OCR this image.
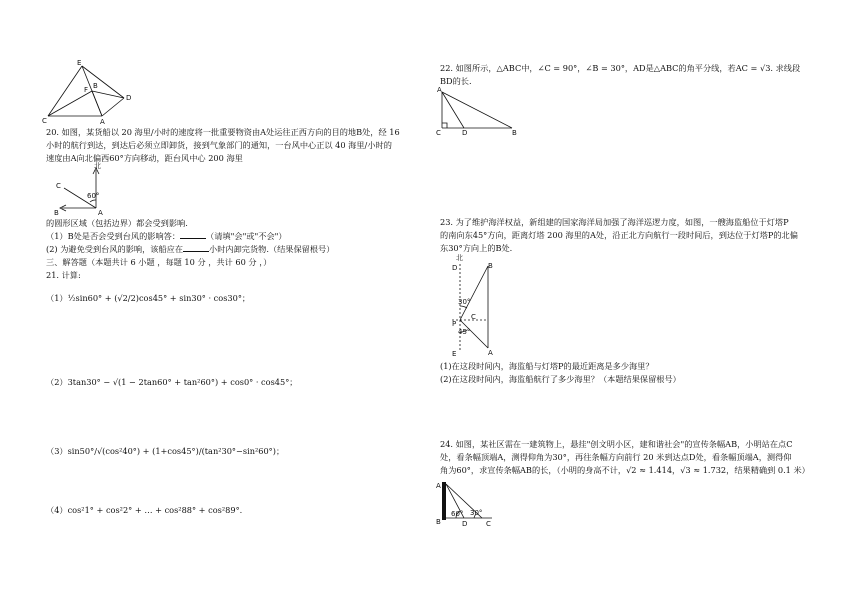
E
F B
D
C	A
20. 如图，某货船以 20 海里/小时的速度将一批重要物资由A处运往正西方向的目的地B处，经 16
小时的航行到达，到达后必须立即卸货，接到气象部门的通知，一台风中心正以 40 海里/小时的
速度由A向北偏西60°方向移动，距台风中心 200 海里
北
C
60°
B	A
的圆形区域（包括边界）都会受到影响.
（1）B处是否会受到台风的影响答：	（请填"会"或"不会"）
(2) 为避免受到台风的影响，该船应在	小时内卸完货物.（结果保留根号）
三、解答题（本题共计 6 小题 ，每题 10 分 ，共计 60 分 ，）
21. 计算:
（1）½sin60° + (√2/2)cos45° + sin30° · cos30°；
（2）3tan30° − √(1 − 2tan60° + tan²60°) + cos0° · cos45°；
（3）sin50°/√(cos²40°) + (1+cos45°)/(tan²30°−sin²60°)；
（4）cos²1° + cos²2° + … + cos²88° + cos²89°.
22. 如图所示，△ABC中，∠C = 90°，∠B = 30°，AD是△ABC的角平分线，若AC = √3. 求线段
BD的长.
A
C	D	B
23. 为了维护海洋权益，新组建的国家海洋局加强了海洋巡逻力度，如图，一艘海监船位于灯塔P
的南向东45°方向，距离灯塔 200 海里的A处，沿正北方向航行一段时间后，到达位于灯塔P的北偏
东30°方向上的B处.
北
D	B
30°
P
C
45°
E	A
(1)在这段时间内，海监船与灯塔P的最近距离是多少海里？
(2)在这段时间内，海监船航行了多少海里？（本题结果保留根号）
24. 如图，某社区需在一建筑物上，悬挂"创文明小区，建和谐社会"的宣传条幅AB，小明站在点C
处，看条幅顶端A，测得仰角为30°，再往条幅方向前行 20 米到达点D处，看条幅顶端A，测得仰
角为60°，求宣传条幅AB的长，（小明的身高不计，√2 ≈ 1.414，√3 ≈ 1.732，结果精确到 0.1 米）
A
B
60° 30°
D	C
